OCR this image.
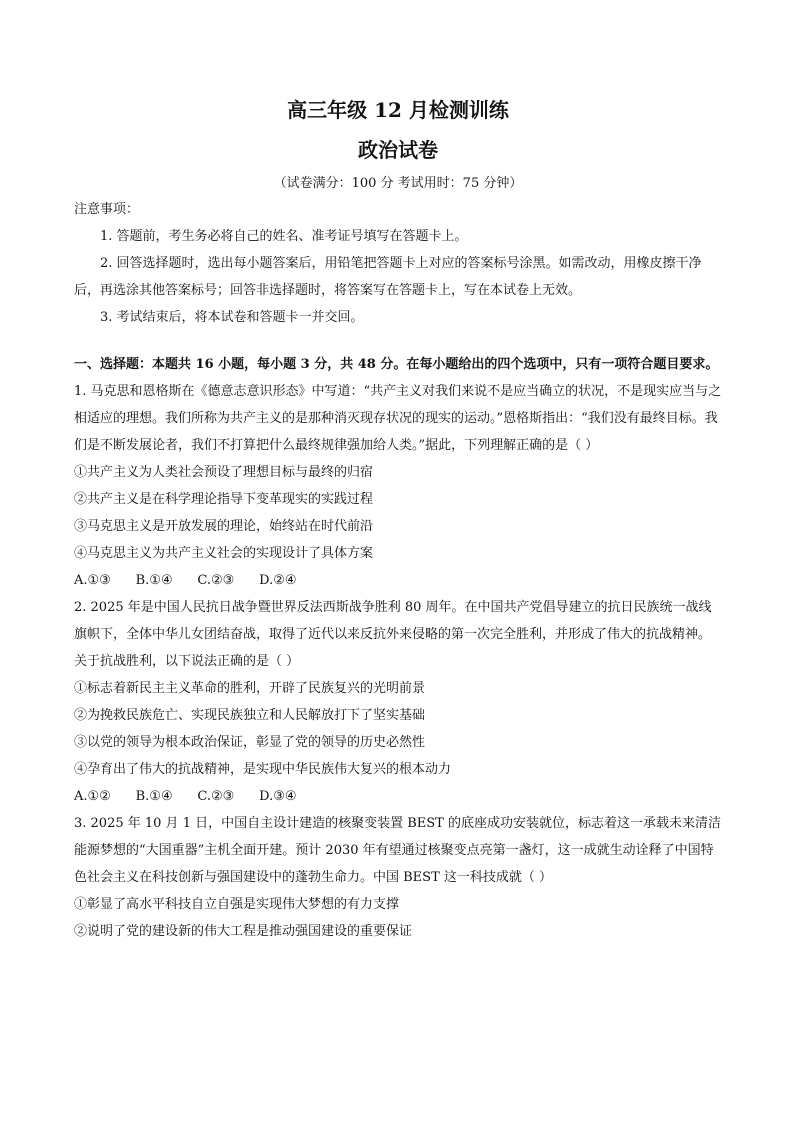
高三年级 12 月检测训练
政治试卷
（试卷满分：100 分 考试用时：75 分钟）
注意事项：
1. 答题前，考生务必将自己的姓名、准考证号填写在答题卡上。
2. 回答选择题时，选出每小题答案后，用铅笔把答题卡上对应的答案标号涂黑。如需改动，用橡皮擦干净后，再选涂其他答案标号；回答非选择题时，将答案写在答题卡上，写在本试卷上无效。
3. 考试结束后，将本试卷和答题卡一并交回。
一、选择题：本题共 16 小题，每小题 3 分，共 48 分。在每小题给出的四个选项中，只有一项符合题目要求。
1. 马克思和恩格斯在《德意志意识形态》中写道：“共产主义对我们来说不是应当确立的状况，不是现实应当与之相适应的理想。我们所称为共产主义的是那种消灭现存状况的现实的运动。”恩格斯指出：“我们没有最终目标。我们是不断发展论者，我们不打算把什么最终规律强加给人类。”据此，下列理解正确的是（ ）
①共产主义为人类社会预设了理想目标与最终的归宿
②共产主义是在科学理论指导下变革现实的实践过程
③马克思主义是开放发展的理论，始终站在时代前沿
④马克思主义为共产主义社会的实现设计了具体方案
A.①③      B.①④      C.②③      D.②④
2. 2025 年是中国人民抗日战争暨世界反法西斯战争胜利 80 周年。在中国共产党倡导建立的抗日民族统一战线旗帜下，全体中华儿女团结奋战，取得了近代以来反抗外来侵略的第一次完全胜利，并形成了伟大的抗战精神。关于抗战胜利，以下说法正确的是（ ）
①标志着新民主主义革命的胜利，开辟了民族复兴的光明前景
②为挽救民族危亡、实现民族独立和人民解放打下了坚实基础
③以党的领导为根本政治保证，彰显了党的领导的历史必然性
④孕育出了伟大的抗战精神，是实现中华民族伟大复兴的根本动力
A.①②      B.①④      C.②③      D.③④
3. 2025 年 10 月 1 日，中国自主设计建造的核聚变装置 BEST 的底座成功安装就位，标志着这一承载未来清洁能源梦想的“大国重器”主机全面开建。预计 2030 年有望通过核聚变点亮第一盏灯，这一成就生动诠释了中国特色社会主义在科技创新与强国建设中的蓬勃生命力。中国 BEST 这一科技成就（ ）
①彰显了高水平科技自立自强是实现伟大梦想的有力支撑
②说明了党的建设新的伟大工程是推动强国建设的重要保证
